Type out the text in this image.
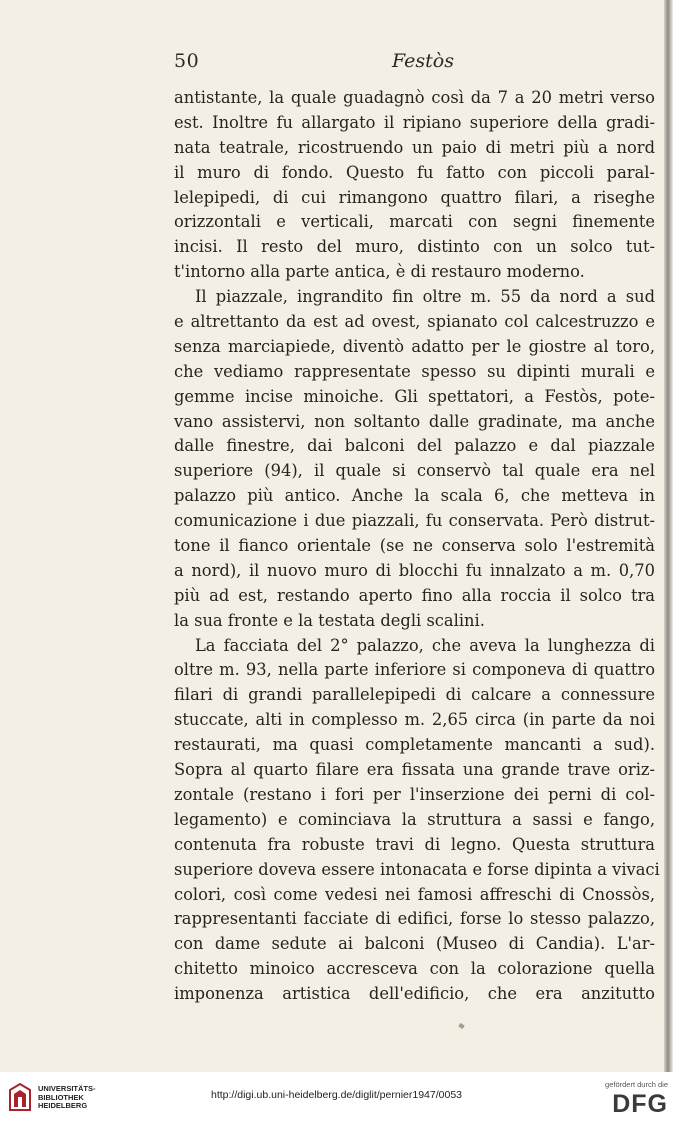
50	Festòs
antistante, la quale guadagnò così da 7 a 20 metri verso
est. Inoltre fu allargato il ripiano superiore della gradi-
nata teatrale, ricostruendo un paio di metri più a nord
il muro di fondo. Questo fu fatto con piccoli paral-
lelepipedi, di cui rimangono quattro filari, a riseghe
orizzontali e verticali, marcati con segni finemente
incisi. Il resto del muro, distinto con un solco tut-
t'intorno alla parte antica, è di restauro moderno.
Il piazzale, ingrandito fin oltre m. 55 da nord a sud
e altrettanto da est ad ovest, spianato col calcestruzzo e
senza marciapiede, diventò adatto per le giostre al toro,
che vediamo rappresentate spesso su dipinti murali e
gemme incise minoiche. Gli spettatori, a Festòs, pote-
vano assistervi, non soltanto dalle gradinate, ma anche
dalle finestre, dai balconi del palazzo e dal piazzale
superiore (94), il quale si conservò tal quale era nel
palazzo più antico. Anche la scala 6, che metteva in
comunicazione i due piazzali, fu conservata. Però distrut-
tone il fianco orientale (se ne conserva solo l'estremità
a nord), il nuovo muro di blocchi fu innalzato a m. 0,70
più ad est, restando aperto fino alla roccia il solco tra
la sua fronte e la testata degli scalini.
La facciata del 2° palazzo, che aveva la lunghezza di
oltre m. 93, nella parte inferiore si componeva di quattro
filari di grandi parallelepipedi di calcare a connessure
stuccate, alti in complesso m. 2,65 circa (in parte da noi
restaurati, ma quasi completamente mancanti a sud).
Sopra al quarto filare era fissata una grande trave oriz-
zontale (restano i fori per l'inserzione dei perni di col-
legamento) e cominciava la struttura a sassi e fango,
contenuta fra robuste travi di legno. Questa struttura
superiore doveva essere intonacata e forse dipinta a vivaci
colori, così come vedesi nei famosi affreschi di Cnossòs,
rappresentanti facciate di edifici, forse lo stesso palazzo,
con dame sedute ai balconi (Museo di Candia). L'ar-
chitetto minoico accresceva con la colorazione quella
imponenza artistica dell'edificio, che era anzitutto
UNIVERSITÄTS-
BIBLIOTHEK
HEIDELBERG
http://digi.ub.uni-heidelberg.de/diglit/pernier1947/0053
gefördert durch die
DFG
